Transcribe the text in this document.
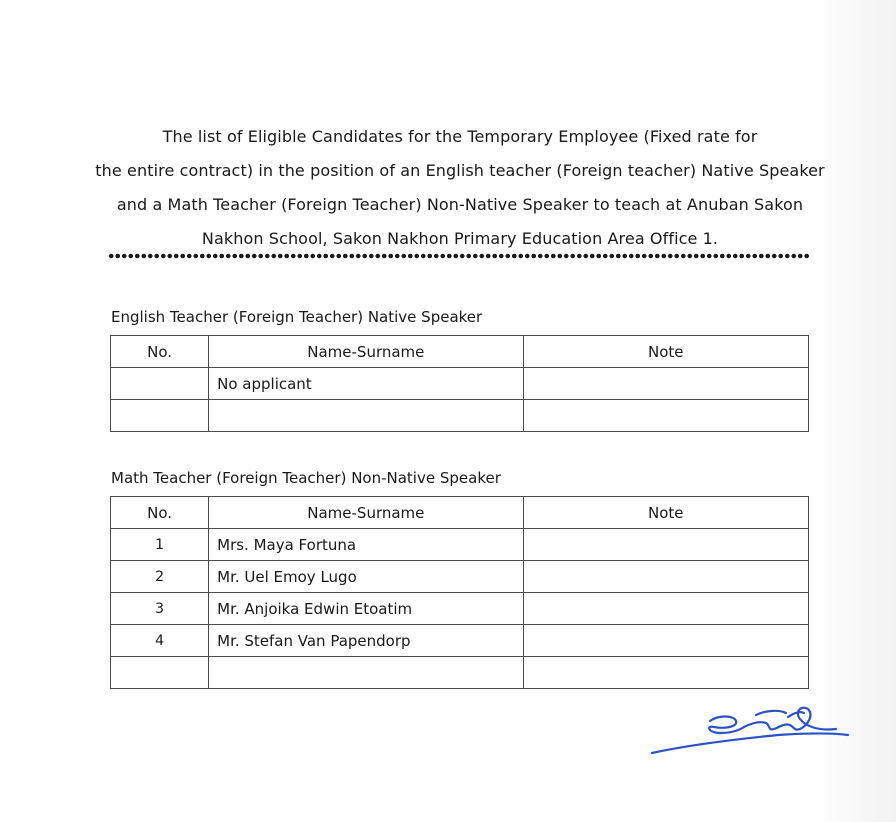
The list of Eligible Candidates for the Temporary Employee (Fixed rate for
the entire contract) in the position of an English teacher (Foreign teacher) Native Speaker
and a Math Teacher (Foreign Teacher) Non-Native Speaker to teach at Anuban Sakon
Nakhon School, Sakon Nakhon Primary Education Area Office 1.
English Teacher (Foreign Teacher) Native Speaker
No.	Name-Surname	Note
	No applicant	

Math Teacher (Foreign Teacher) Non-Native Speaker
No.	Name-Surname	Note
1	Mrs. Maya Fortuna	
2	Mr. Uel Emoy Lugo	
3	Mr. Anjoika Edwin Etoatim	
4	Mr. Stefan Van Papendorp	
